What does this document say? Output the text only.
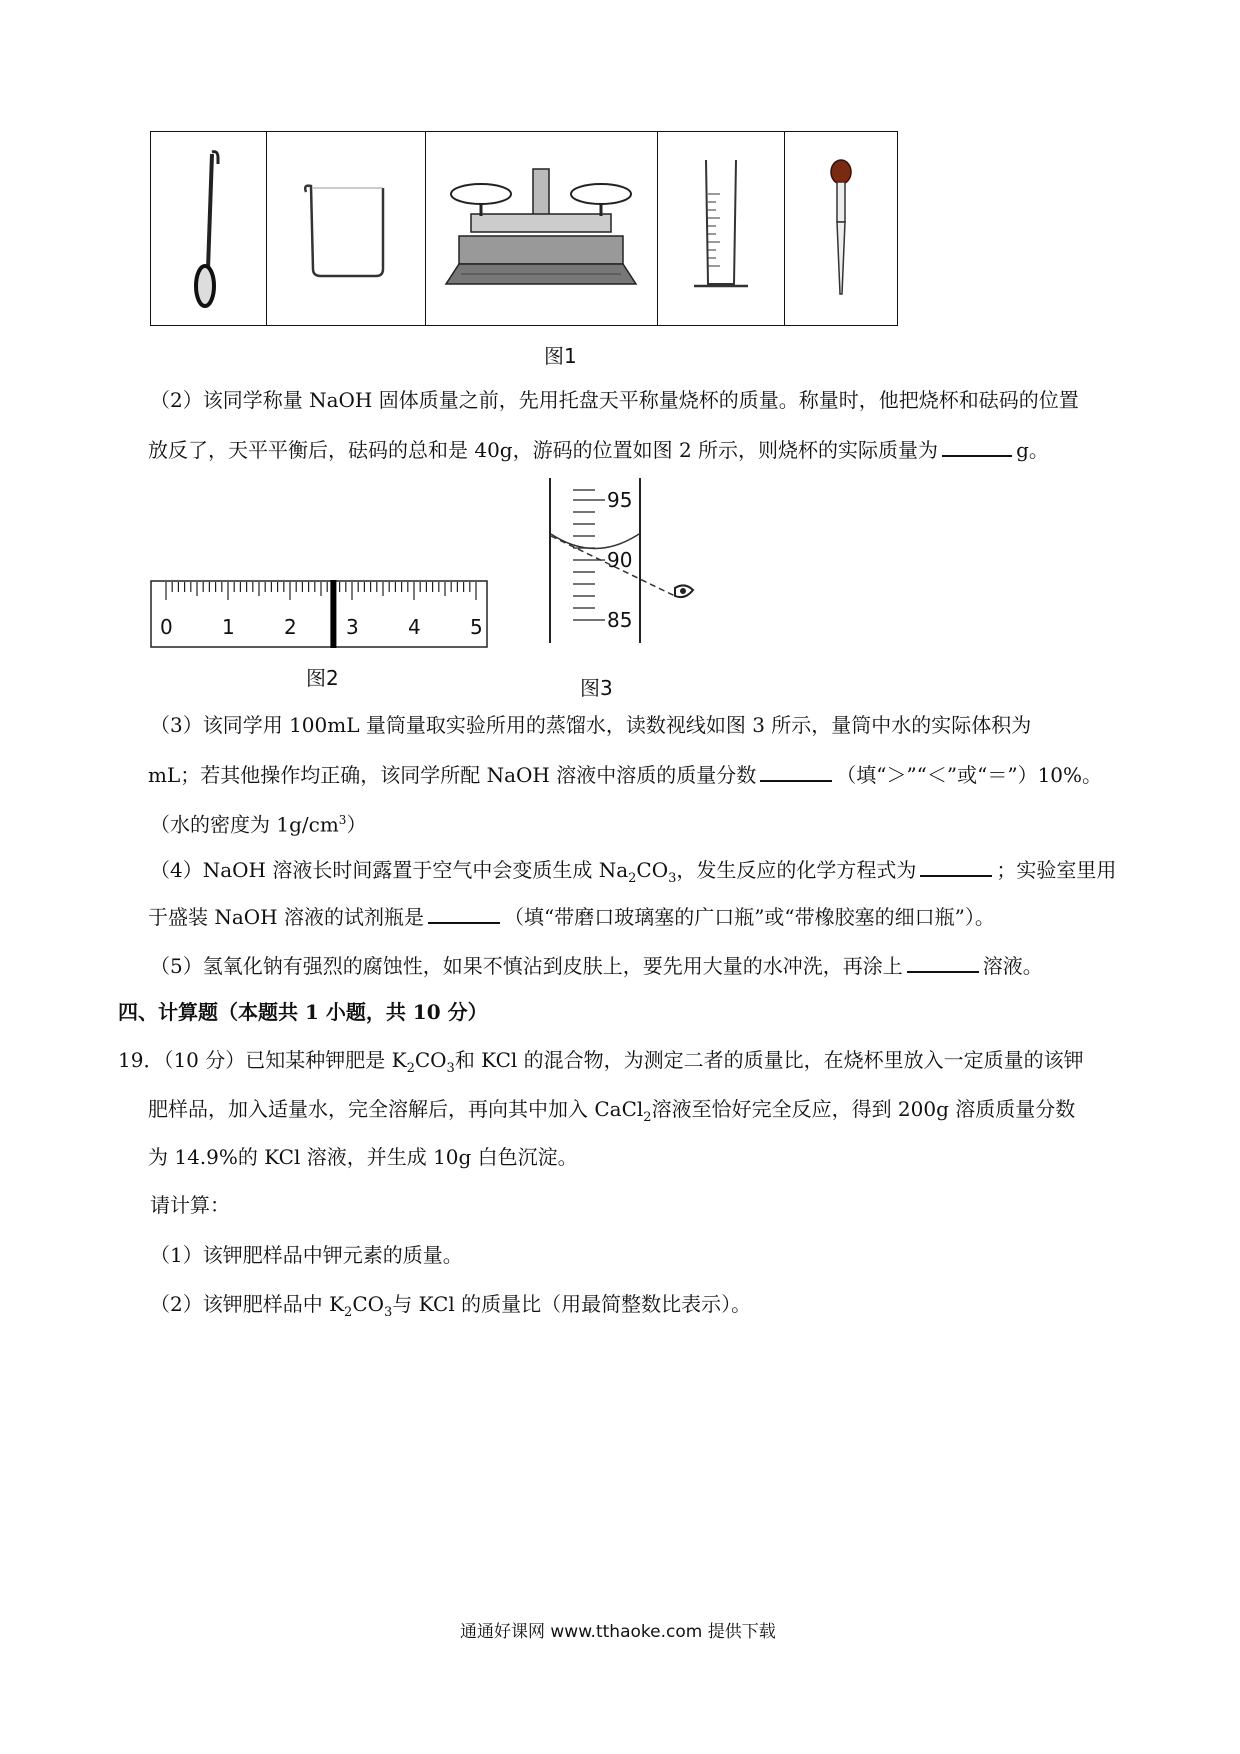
图1
（2）该同学称量 NaOH 固体质量之前，先用托盘天平称量烧杯的质量。称量时，他把烧杯和砝码的位置
放反了，天平平衡后，砝码的总和是 40g，游码的位置如图 2 所示，则烧杯的实际质量为	g。
0 1 2 3 4 5
图2
95
90
85
图3
（3）该同学用 100mL 量筒量取实验所用的蒸馏水，读数视线如图 3 所示，量筒中水的实际体积为
mL；若其他操作均正确，该同学所配 NaOH 溶液中溶质的质量分数	（填“＞”“＜”或“＝”）10%。
（水的密度为 $1g/cm^3$）
（4）NaOH 溶液长时间露置于空气中会变质生成 $Na_2CO_3$，发生反应的化学方程式为	；实验室里用
于盛装 NaOH 溶液的试剂瓶是	（填“带磨口玻璃塞的广口瓶”或“带橡胶塞的细口瓶”）。
（5）氢氧化钠有强烈的腐蚀性，如果不慎沾到皮肤上，要先用大量的水冲洗，再涂上	溶液。
四、计算题（本题共 1 小题，共 10 分）
19．（10 分）已知某种钾肥是 $K_2CO_3$和 KCl 的混合物，为测定二者的质量比，在烧杯里放入一定质量的该钾
肥样品，加入适量水，完全溶解后，再向其中加入 CaCl$_2$溶液至恰好完全反应，得到 200g 溶质质量分数
为 14.9%的 KCl 溶液，并生成 10g 白色沉淀。
请计算：
（1）该钾肥样品中钾元素的质量。
（2）该钾肥样品中 $K_2CO_3$与 KCl 的质量比（用最简整数比表示）。
通通好课网 www.tthaoke.com 提供下载
